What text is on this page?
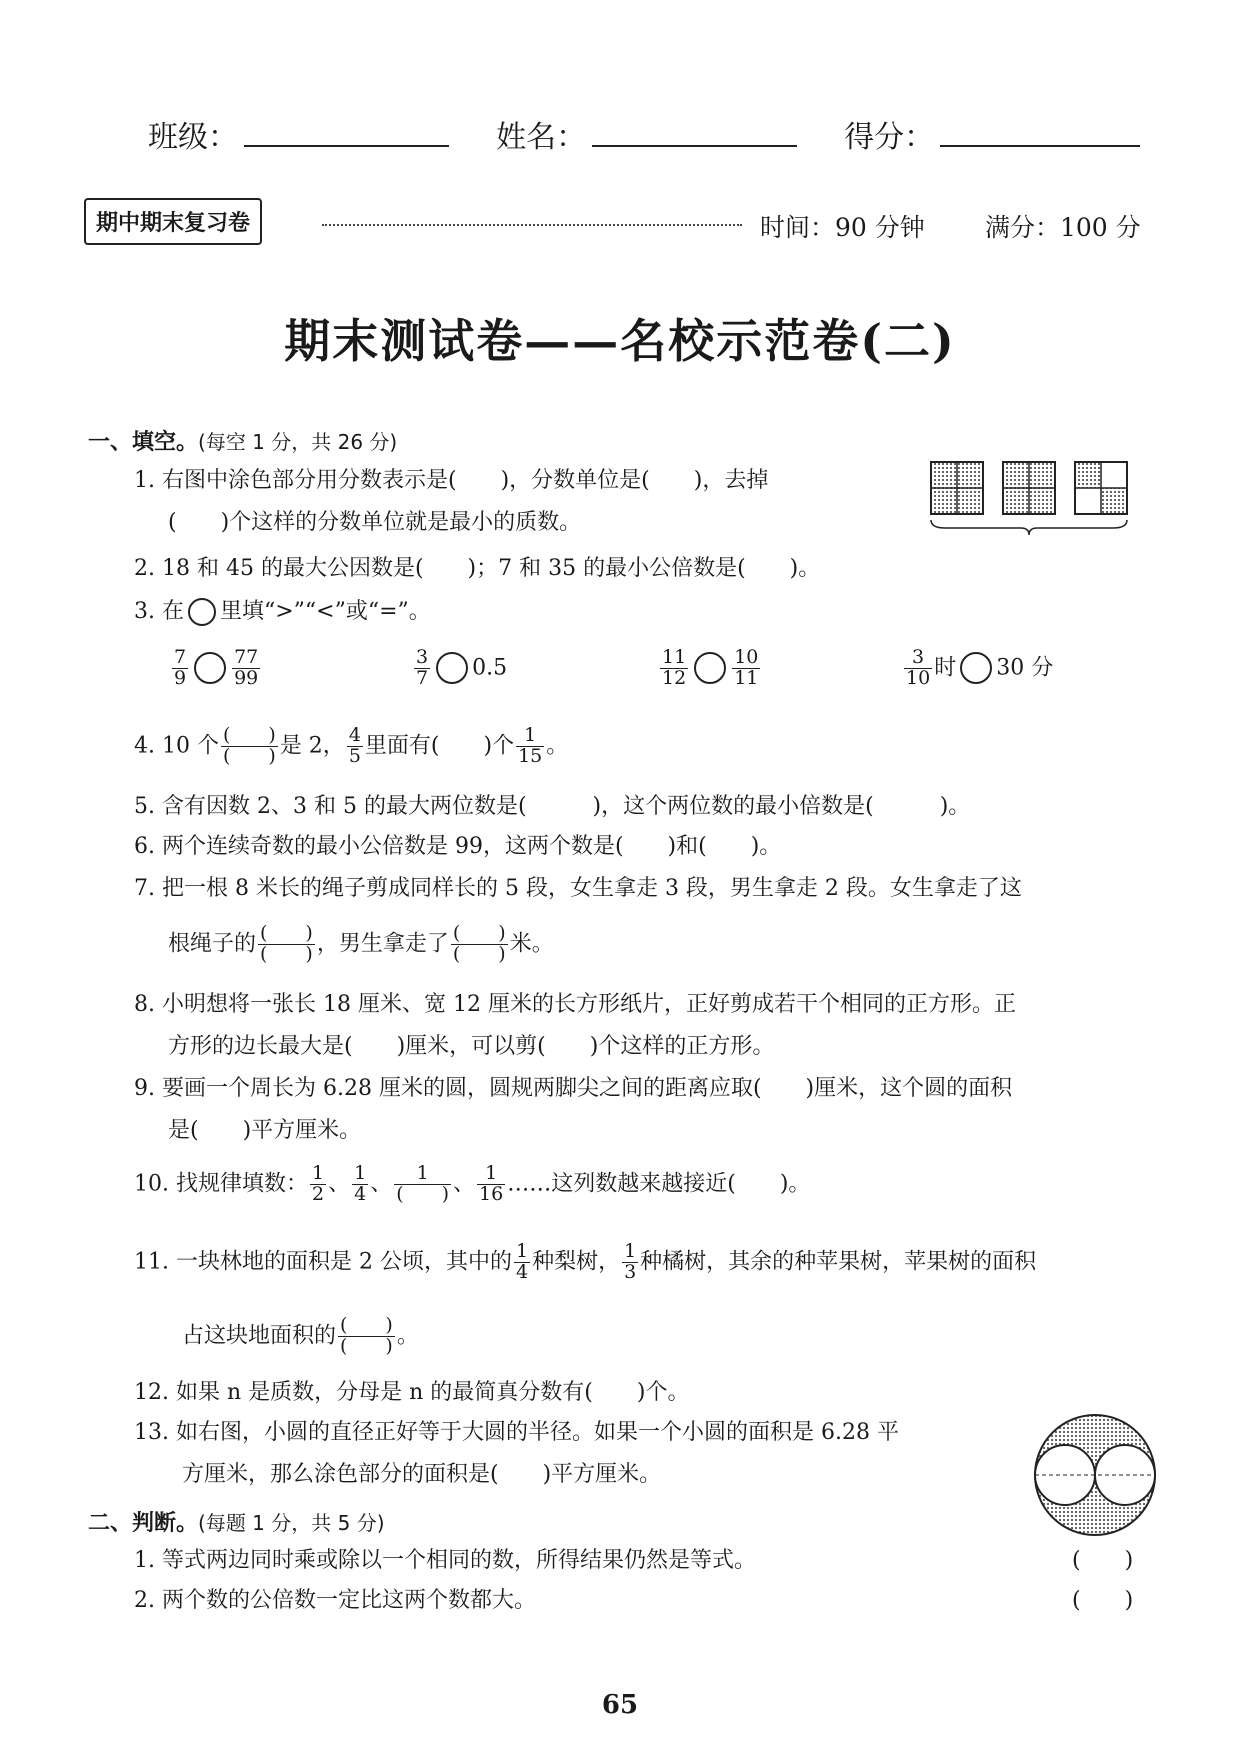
班级：	姓名：	得分：
期中期末复习卷	时间：90 分钟 满分：100 分
期末测试卷——名校示范卷(二)
一、填空。(每空 1 分，共 26 分)
1. 右图中涂色部分用分数表示是(　　)，分数单位是(　　)，去掉
(　　)个这样的分数单位就是最小的质数。
2. 18 和 45 的最大公因数是(　　)；7 和 35 的最小公倍数是(　　)。
3. 在 里填“>”“<”或“=”。
$\frac{7}{9} \frac{77}{99}$	$\frac{3}{7} 0.5$	$\frac{11}{12} \frac{10}{11}$	$\frac{3}{10}$ 时 30 分
4. 10 个 $\frac{( )}{( )}$ 是 2， $\frac{4}{5}$ 里面有(　　)个 $\frac{1}{15}$ 。
5. 含有因数 2、3 和 5 的最大两位数是(　　　)，这个两位数的最小倍数是(　　　)。
6. 两个连续奇数的最小公倍数是 99，这两个数是(　　)和(　　)。
7. 把一根 8 米长的绳子剪成同样长的 5 段，女生拿走 3 段，男生拿走 2 段。女生拿走了这
根绳子的 $\frac{( )}{( )}$ ，男生拿走了 $\frac{( )}{( )}$ 米。
8. 小明想将一张长 18 厘米、宽 12 厘米的长方形纸片，正好剪成若干个相同的正方形。正
方形的边长最大是(　　)厘米，可以剪(　　)个这样的正方形。
9. 要画一个周长为 6.28 厘米的圆，圆规两脚尖之间的距离应取(　　)厘米，这个圆的面积
是(　　)平方厘米。
10. 找规律填数： $\frac{1}{2}$ 、 $\frac{1}{4}$ 、 $\frac{1}{( )}$ 、 $\frac{1}{16}$ ……这列数越来越接近(　　)。
11. 一块林地的面积是 2 公顷，其中的 $\frac{1}{4}$ 种梨树， $\frac{1}{3}$ 种橘树，其余的种苹果树，苹果树的面积
占这块地面积的 $\frac{( )}{( )}$ 。
12. 如果 n 是质数，分母是 n 的最简真分数有(　　)个。
13. 如右图，小圆的直径正好等于大圆的半径。如果一个小圆的面积是 6.28 平
方厘米，那么涂色部分的面积是(　　)平方厘米。
二、判断。(每题 1 分，共 5 分)
1. 等式两边同时乘或除以一个相同的数，所得结果仍然是等式。	(　　)
2. 两个数的公倍数一定比这两个数都大。	(　　)
65
